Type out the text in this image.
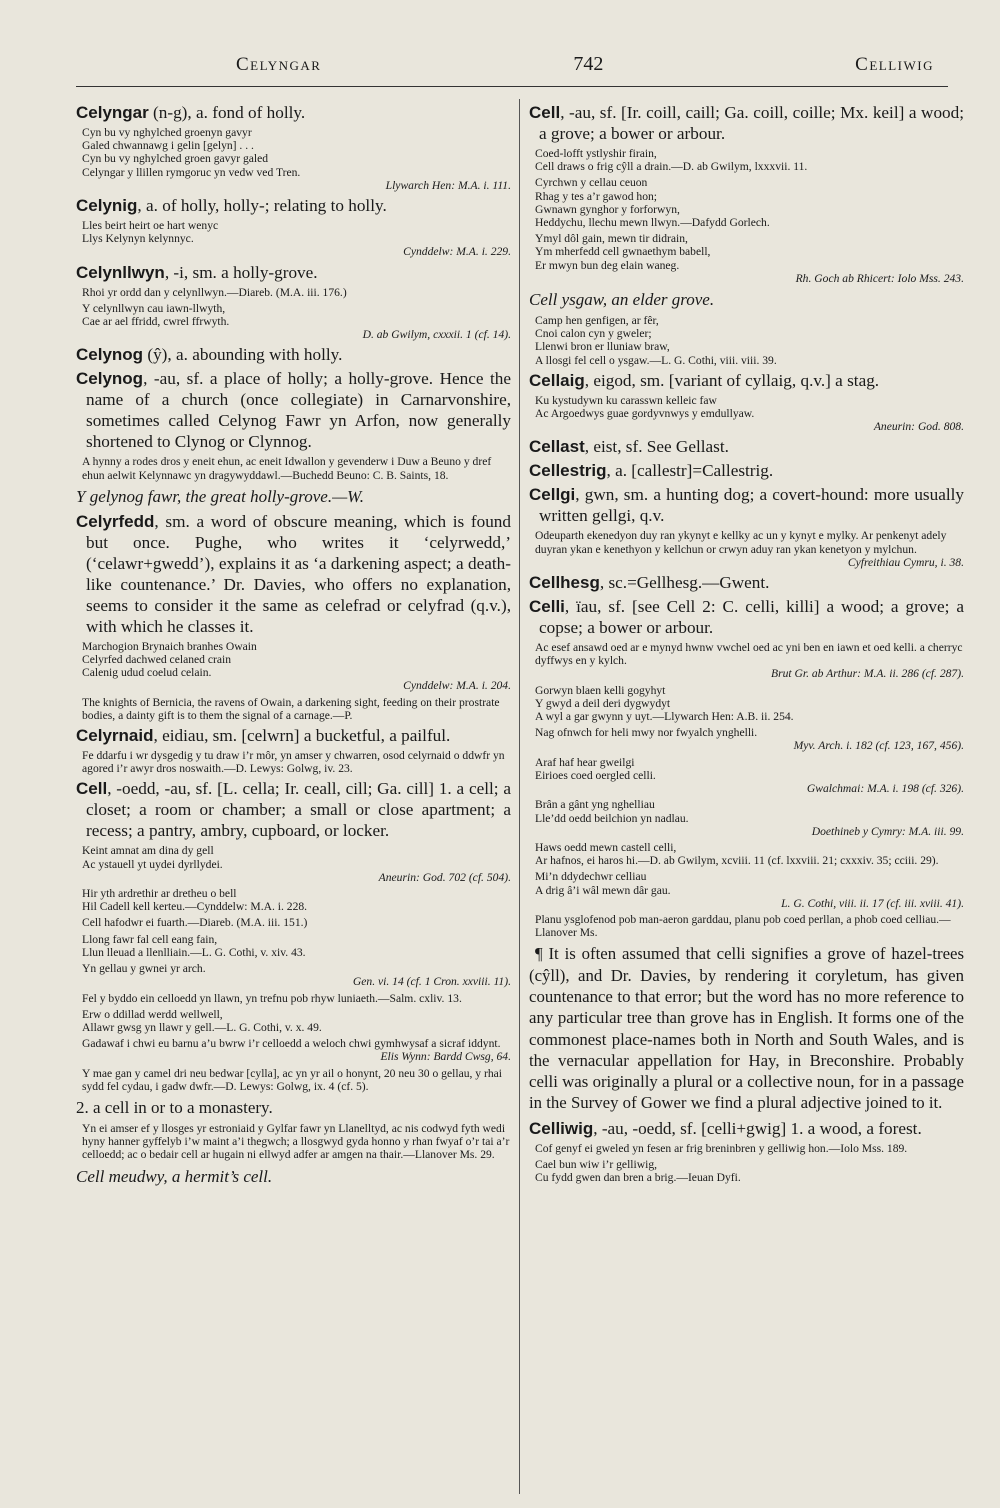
Celyngar	742	Celliwig

Celyngar (n-g), a. fond of holly.

Cyn bu vy nghylched groenyn gavyr
Galed chwannawg i gelin [gelyn] . . .
Cyn bu vy nghylched groen gavyr galed
Celyngar y llillen rymgoruc yn vedw ved Tren.
Llywarch Hen: M.A. i. 111.

Celynig, a. of holly, holly-; relating to holly.

Lles beirt heirt oe hart wenyc
Llys Kelynyn kelynnyc.
Cynddelw: M.A. i. 229.

Celynllwyn, -i, sm. a holly-grove.

Rhoi yr ordd dan y celynllwyn.—Diareb. (M.A. iii. 176.)
Y celynllwyn cau iawn-llwyth,
Cae ar ael ffridd, cwrel ffrwyth.
D. ab Gwilym, cxxxii. 1 (cf. 14).

Celynog (ŷ), a. abounding with holly.

Celynog, -au, sf. a place of holly; a holly-grove. Hence the name of a church (once collegiate) in Carnarvonshire, sometimes called Celynog Fawr yn Arfon, now generally shortened to Clynog or Clynnog.

A hynny a rodes dros y eneit ehun, ac eneit Idwallon y gevenderw i Duw a Beuno y dref ehun aelwit Kelynnawc yn dragywyddawl.—Buchedd Beuno: C. B. Saints, 18.

Y gelynog fawr, the great holly-grove.—W.

Celyrfedd, sm. a word of obscure meaning, which is found but once. Pughe, who writes it ‘celyrwedd,’ (‘celawr+gwedd’), explains it as ‘a darkening aspect; a death-like countenance.’ Dr. Davies, who offers no explanation, seems to consider it the same as celefrad or celyfrad (q.v.), with which he classes it.

Marchogion Brynaich branhes Owain
Celyrfed dachwed celaned crain
Calenig udud coelud celain.
Cynddelw: M.A. i. 204.
The knights of Bernicia, the ravens of Owain, a darkening sight, feeding on their prostrate bodies, a dainty gift is to them the signal of a carnage.—P.

Celyrnaid, eidiau, sm. [celwrn] a bucketful, a pailful.

Fe ddarfu i wr dysgedig y tu draw i’r môr, yn amser y chwarren, osod celyrnaid o ddwfr yn agored i’r awyr dros noswaith.—D. Lewys: Golwg, iv. 23.

Cell, -oedd, -au, sf. [L. cella; Ir. ceall, cill; Ga. cill] 1. a cell; a closet; a room or chamber; a small or close apartment; a recess; a pantry, ambry, cupboard, or locker.

Keint amnat am dina dy gell
Ac ystauell yt uydei dyrllydei.
Aneurin: God. 702 (cf. 504).
Hir yth ardrethir ar dretheu o bell
Hil Cadell kell kerteu.—Cynddelw: M.A. i. 228.
Cell hafodwr ei fuarth.—Diareb. (M.A. iii. 151.)
Llong fawr fal cell eang fain,
Llun lleuad a llenlliain.—L. G. Cothi, v. xiv. 43.
Yn gellau y gwnei yr arch.
Gen. vi. 14 (cf. 1 Cron. xxviii. 11).
Fel y byddo ein celloedd yn llawn, yn trefnu pob rhyw luniaeth.—Salm. cxliv. 13.
Erw o ddillad werdd wellwell,
Allawr gwsg yn llawr y gell.—L. G. Cothi, v. x. 49.
Gadawaf i chwi eu barnu a’u bwrw i’r celloedd a weloch chwi gymhwysaf a sicraf iddynt.
Elis Wynn: Bardd Cwsg, 64.
Y mae gan y camel dri neu bedwar [cylla], ac yn yr ail o honynt, 20 neu 30 o gellau, y rhai sydd fel cydau, i gadw dwfr.—D. Lewys: Golwg, ix. 4 (cf. 5).

2. a cell in or to a monastery.

Yn ei amser ef y llosges yr estroniaid y Gylfar fawr yn Llanelltyd, ac nis codwyd fyth wedi hyny hanner gyffelyb i’w maint a’i thegwch; a llosgwyd gyda honno y rhan fwyaf o’r tai a’r celloedd; ac o bedair cell ar hugain ni ellwyd adfer ar amgen na thair.—Llanover Ms. 29.

Cell meudwy, a hermit’s cell.

Cell, -au, sf. [Ir. coill, caill; Ga. coill, coille; Mx. keil] a wood; a grove; a bower or arbour.

Coed-lofft ystlyshir firain,
Cell draws o frig cŷll a drain.—D. ab Gwilym, lxxxvii. 11.
Cyrchwn y cellau ceuon
Rhag y tes a’r gawod hon;
Gwnawn gynghor y forforwyn,
Heddychu, llechu mewn llwyn.—Dafydd Gorlech.
Ymyl dôl gain, mewn tir didrain,
Ym mherfedd cell gwnaethym babell,
Er mwyn bun deg elain waneg.
Rh. Goch ab Rhicert: Iolo Mss. 243.

Cell ysgaw, an elder grove.

Camp hen genfigen, ar fêr,
Cnoi calon cyn y gweler;
Llenwi bron er lluniaw braw,
A llosgi fel cell o ysgaw.—L. G. Cothi, viii. viii. 39.

Cellaig, eigod, sm. [variant of cyllaig, q.v.] a stag.

Ku kystudywn ku carasswn kelleic faw
Ac Argoedwys guae gordyvnwys y emdullyaw.
Aneurin: God. 808.

Cellast, eist, sf. See Gellast.

Cellestrig, a. [callestr]=Callestrig.

Cellgi, gwn, sm. a hunting dog; a covert-hound: more usually written gellgi, q.v.

Odeuparth ekenedyon duy ran ykynyt e kellky ac un y kynyt e mylky. Ar penkenyt adely duyran ykan e kenethyon y kellchun or crwyn aduy ran ykan kenetyon y mylchun.
Cyfreithiau Cymru, i. 38.

Cellhesg, sc.=Gellhesg.—Gwent.

Celli, ïau, sf. [see Cell 2: C. celli, killi] a wood; a grove; a copse; a bower or arbour.

Ac esef ansawd oed ar e mynyd hwnw vwchel oed ac yni ben en iawn et oed kelli. a cherryc dyffwys en y kylch.
Brut Gr. ab Arthur: M.A. ii. 286 (cf. 287).
Gorwyn blaen kelli gogyhyt
Y gwyd a deil deri dygwydyt
A wyl a gar gwynn y uyt.—Llywarch Hen: A.B. ii. 254.
Nag ofnwch for heli mwy nor fwyalch ynghelli.
Myv. Arch. i. 182 (cf. 123, 167, 456).
Araf haf hear gweilgi
Eirioes coed oergled celli.
Gwalchmai: M.A. i. 198 (cf. 326).
Brân a gânt yng nghelliau
Lle’dd oedd beilchion yn nadlau.
Doethineb y Cymry: M.A. iii. 99.
Haws oedd mewn castell celli,
Ar hafnos, ei haros hi.—D. ab Gwilym, xcviii. 11 (cf. lxxviii. 21; cxxxiv. 35; cciii. 29).
Mi’n ddydechwr celliau
A drig â’i wâl mewn dâr gau.
L. G. Cothi, viii. ii. 17 (cf. iii. xviii. 41).
Planu ysglofenod pob man-aeron garddau, planu pob coed perllan, a phob coed celliau.—Llanover Ms.

¶ It is often assumed that celli signifies a grove of hazel-trees (cŷll), and Dr. Davies, by rendering it coryletum, has given countenance to that error; but the word has no more reference to any particular tree than grove has in English. It forms one of the commonest place-names both in North and South Wales, and is the vernacular appellation for Hay, in Breconshire. Probably celli was originally a plural or a collective noun, for in a passage in the Survey of Gower we find a plural adjective joined to it.

Celliwig, -au, -oedd, sf. [celli+gwig] 1. a wood, a forest.

Cof genyf ei gweled yn fesen ar frig breninbren y gelliwig hon.—Iolo Mss. 189.
Cael bun wiw i’r gelliwig,
Cu fydd gwen dan bren a brig.—Ieuan Dyfi.
